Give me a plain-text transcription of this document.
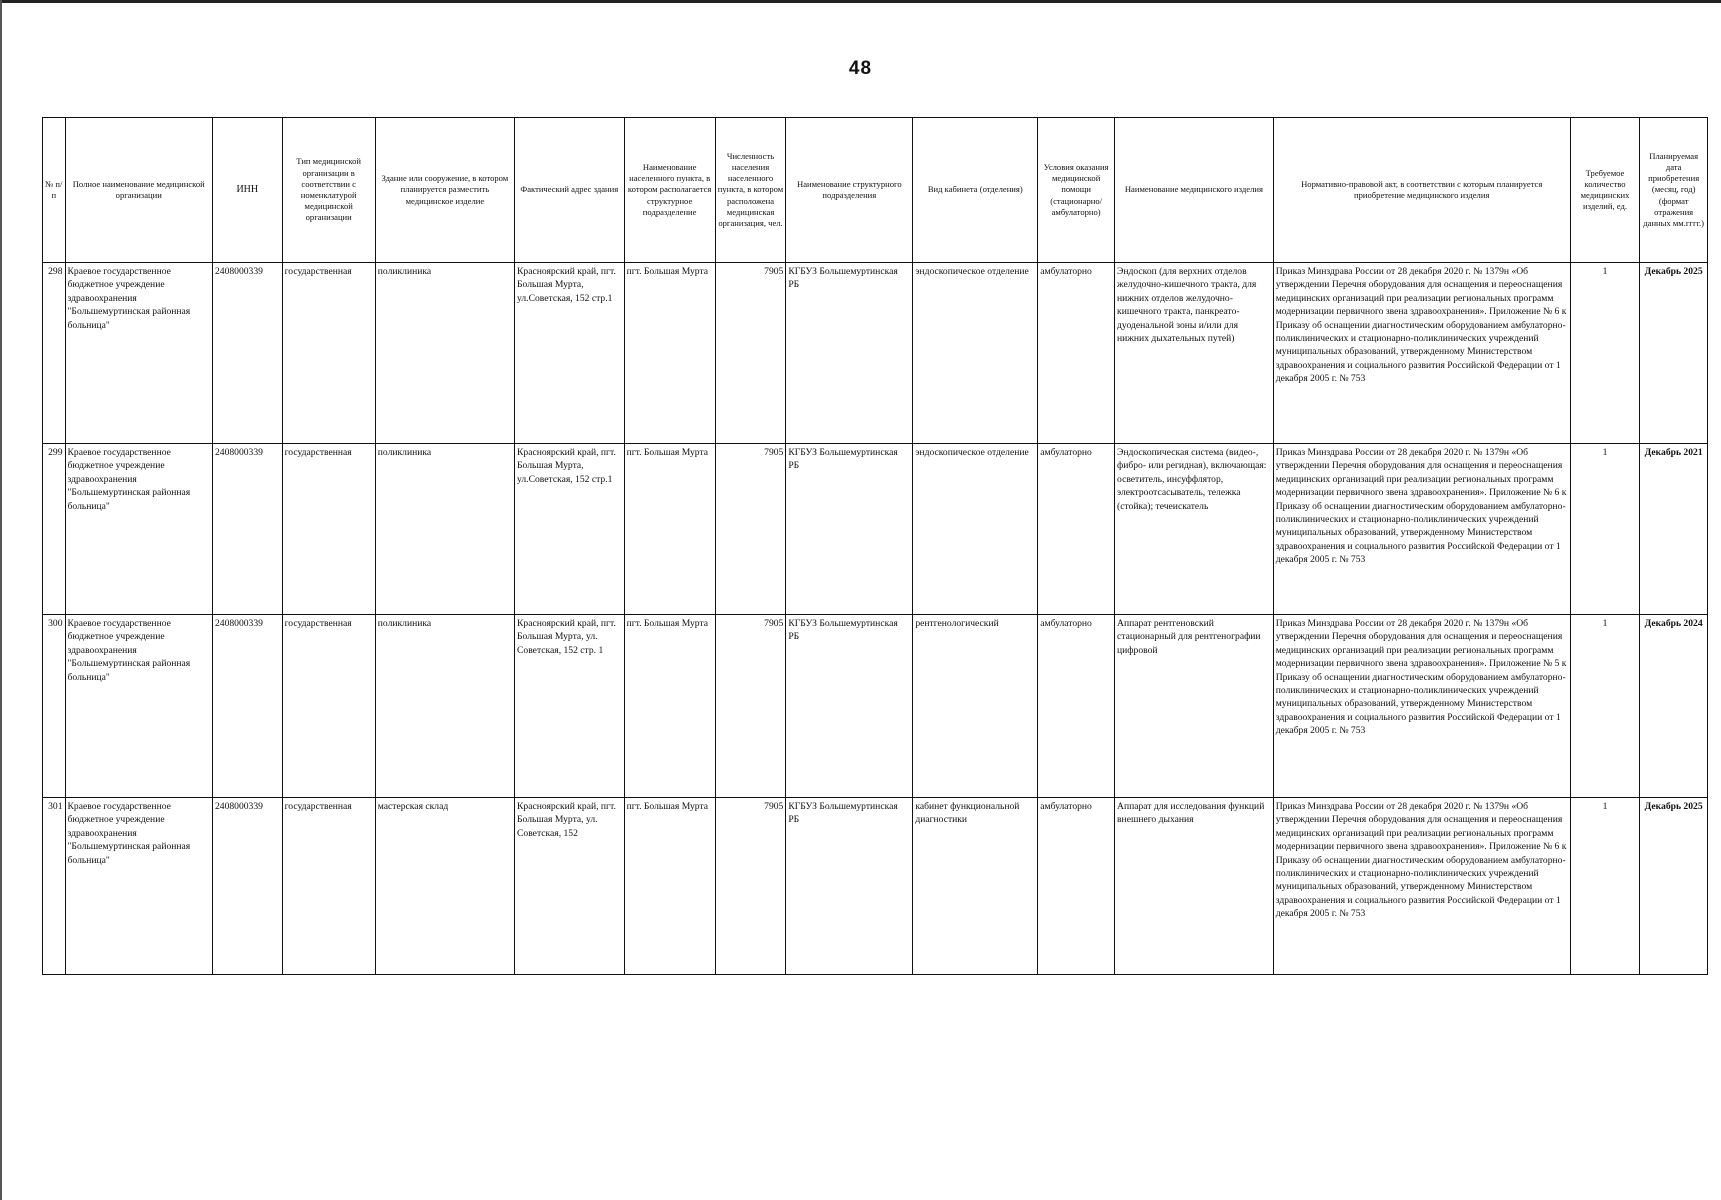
48
№ п/п	Полное наименование медицинской организации	ИНН	Тип медицинской организации в соответствии с номенклатурой медицинской организации	Здание или сооружение, в котором планируется разместить медицинское изделие	Фактический адрес здания	Наименование населенного пункта, в котором располагается структурное подразделение	Численность населения населенного пункта, в котором расположена медицинская организация, чел.	Наименование структурного подразделения	Вид кабинета (отделения)	Условия оказания медицинской помощи (стационарно/ амбулаторно)	Наименование медицинского изделия	Нормативно-правовой акт, в соответствии с которым планируется приобретение медицинского изделия	Требуемое количество медицинских изделий, ед.	Планируемая дата приобретения (месяц, год) (формат отражения данных мм.гггг.)
298	Краевое государственное бюджетное учреждение здравоохранения "Большемуртинская районная больница"	2408000339	государственная	поликлиника	Красноярский край, пгт. Большая Мурта, ул.Советская, 152 стр.1	пгт. Большая Мурта	7905	КГБУЗ Большемуртинская РБ	эндоскопическое отделение	амбулаторно	Эндоскоп (для верхних отделов желудочно-кишечного тракта, для нижних отделов желудочно-кишечного тракта, панкреато-дуоденальной зоны и/или для нижних дыхательных путей)	Приказ Минздрава России от 28 декабря 2020 г. № 1379н «Об утверждении Перечня оборудования для оснащения и переоснащения медицинских организаций при реализации региональных программ модернизации первичного звена здравоохранения». Приложение № 6 к Приказу об оснащении диагностическим оборудованием амбулаторно-поликлинических и стационарно-поликлинических учреждений муниципальных образований, утвержденному Министерством здравоохранения и социального развития Российской Федерации от 1 декабря 2005 г. № 753	1	Декабрь 2025
299	Краевое государственное бюджетное учреждение здравоохранения "Большемуртинская районная больница"	2408000339	государственная	поликлиника	Красноярский край, пгт. Большая Мурта, ул.Советская, 152 стр.1	пгт. Большая Мурта	7905	КГБУЗ Большемуртинская РБ	эндоскопическое отделение	амбулаторно	Эндоскопическая система (видео-, фибро- или регидная), включающая: осветитель, инсуффлятор, электроотсасыватель, тележка (стойка); течеискатель	Приказ Минздрава России от 28 декабря 2020 г. № 1379н «Об утверждении Перечня оборудования для оснащения и переоснащения медицинских организаций при реализации региональных программ модернизации первичного звена здравоохранения». Приложение № 6 к Приказу об оснащении диагностическим оборудованием амбулаторно-поликлинических и стационарно-поликлинических учреждений муниципальных образований, утвержденному Министерством здравоохранения и социального развития Российской Федерации от 1 декабря 2005 г. № 753	1	Декабрь 2021
300	Краевое государственное бюджетное учреждение здравоохранения "Большемуртинская районная больница"	2408000339	государственная	поликлиника	Красноярский край, пгт. Большая Мурта, ул. Советская, 152 стр. 1	пгт. Большая Мурта	7905	КГБУЗ Большемуртинская РБ	рентгенологический	амбулаторно	Аппарат рентгеновский стационарный для рентгенографии цифровой	Приказ Минздрава России от 28 декабря 2020 г. № 1379н «Об утверждении Перечня оборудования для оснащения и переоснащения медицинских организаций при реализации региональных программ модернизации первичного звена здравоохранения». Приложение № 5 к Приказу об оснащении диагностическим оборудованием амбулаторно-поликлинических и стационарно-поликлинических учреждений муниципальных образований, утвержденному Министерством здравоохранения и социального развития Российской Федерации от 1 декабря 2005 г. № 753	1	Декабрь 2024
301	Краевое государственное бюджетное учреждение здравоохранения "Большемуртинская районная больница"	2408000339	государственная	мастерская склад	Красноярский край, пгт. Большая Мурта, ул. Советская, 152	пгт. Большая Мурта	7905	КГБУЗ Большемуртинская РБ	кабинет функциональной диагностики	амбулаторно	Аппарат для исследования функций внешнего дыхания	Приказ Минздрава России от 28 декабря 2020 г. № 1379н «Об утверждении Перечня оборудования для оснащения и переоснащения медицинских организаций при реализации региональных программ модернизации первичного звена здравоохранения». Приложение № 6 к Приказу об оснащении диагностическим оборудованием амбулаторно-поликлинических и стационарно-поликлинических учреждений муниципальных образований, утвержденному Министерством здравоохранения и социального развития Российской Федерации от 1 декабря 2005 г. № 753	1	Декабрь 2025
